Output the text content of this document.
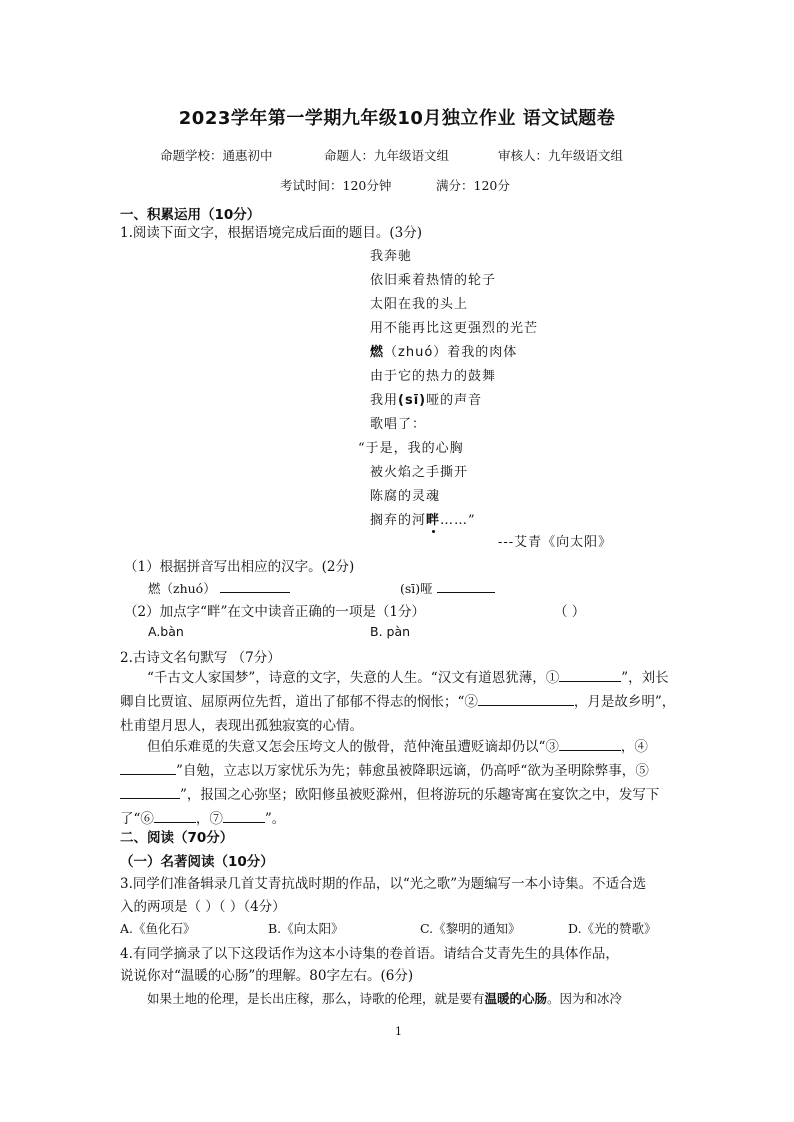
2023学年第一学期九年级10月独立作业 语文试题卷
命题学校：通惠初中	命题人：九年级语文组	审核人：九年级语文组
考试时间：120分钟	满分：120分
一、积累运用（10分）
1.阅读下面文字，根据语境完成后面的题目。(3分)
我奔驰
依旧乘着热情的轮子
太阳在我的头上
用不能再比这更强烈的光芒
燃（zhuó）着我的肉体
由于它的热力的鼓舞
我用(sī)哑的声音
歌唱了：
“于是，我的心胸
被火焰之手撕开
陈腐的灵魂
搁弃的河畔……”
---艾青《向太阳》
（1）根据拼音写出相应的汉字。(2分)
燃（zhuó）	(sī)哑
（2）加点字“畔”在文中读音正确的一项是（1分）	（ ）
A.bàn	B. pàn
2.古诗文名句默写 （7分）
“千古文人家国梦”，诗意的文字，失意的人生。“汉文有道恩犹薄，①	”，刘长卿自比贾谊、屈原两位先哲，道出了郁郁不得志的悯怅；“②	，月是故乡明”，杜甫望月思人，表现出孤独寂寞的心情。
但伯乐难觅的失意又怎会压垮文人的傲骨，范仲淹虽遭贬谪却仍以“③	，④”自勉，立志以万家忧乐为先；韩愈虽被降职远谪，仍高呼“欲为圣明除弊事，⑤”，报国之心弥坚；欧阳修虽被贬滁州，但将游玩的乐趣寄寓在宴饮之中，发写下了“⑥	，⑦	”。
二、阅读（70分）
（一）名著阅读（10分）
3.同学们准备辑录几首艾青抗战时期的作品，以“光之歌”为题编写一本小诗集。不适合选
入的两项是（ ）（ ）（4分）
A.《鱼化石》	B.《向太阳》	C.《黎明的通知》	D.《光的赞歌》
4.有同学摘录了以下这段话作为这本小诗集的卷首语。请结合艾青先生的具体作品，
说说你对“温暖的心肠”的理解。80字左右。(6分)
如果土地的伦理，是长出庄稼，那么，诗歌的伦理，就是要有温暖的心肠。因为和冰冷
1
